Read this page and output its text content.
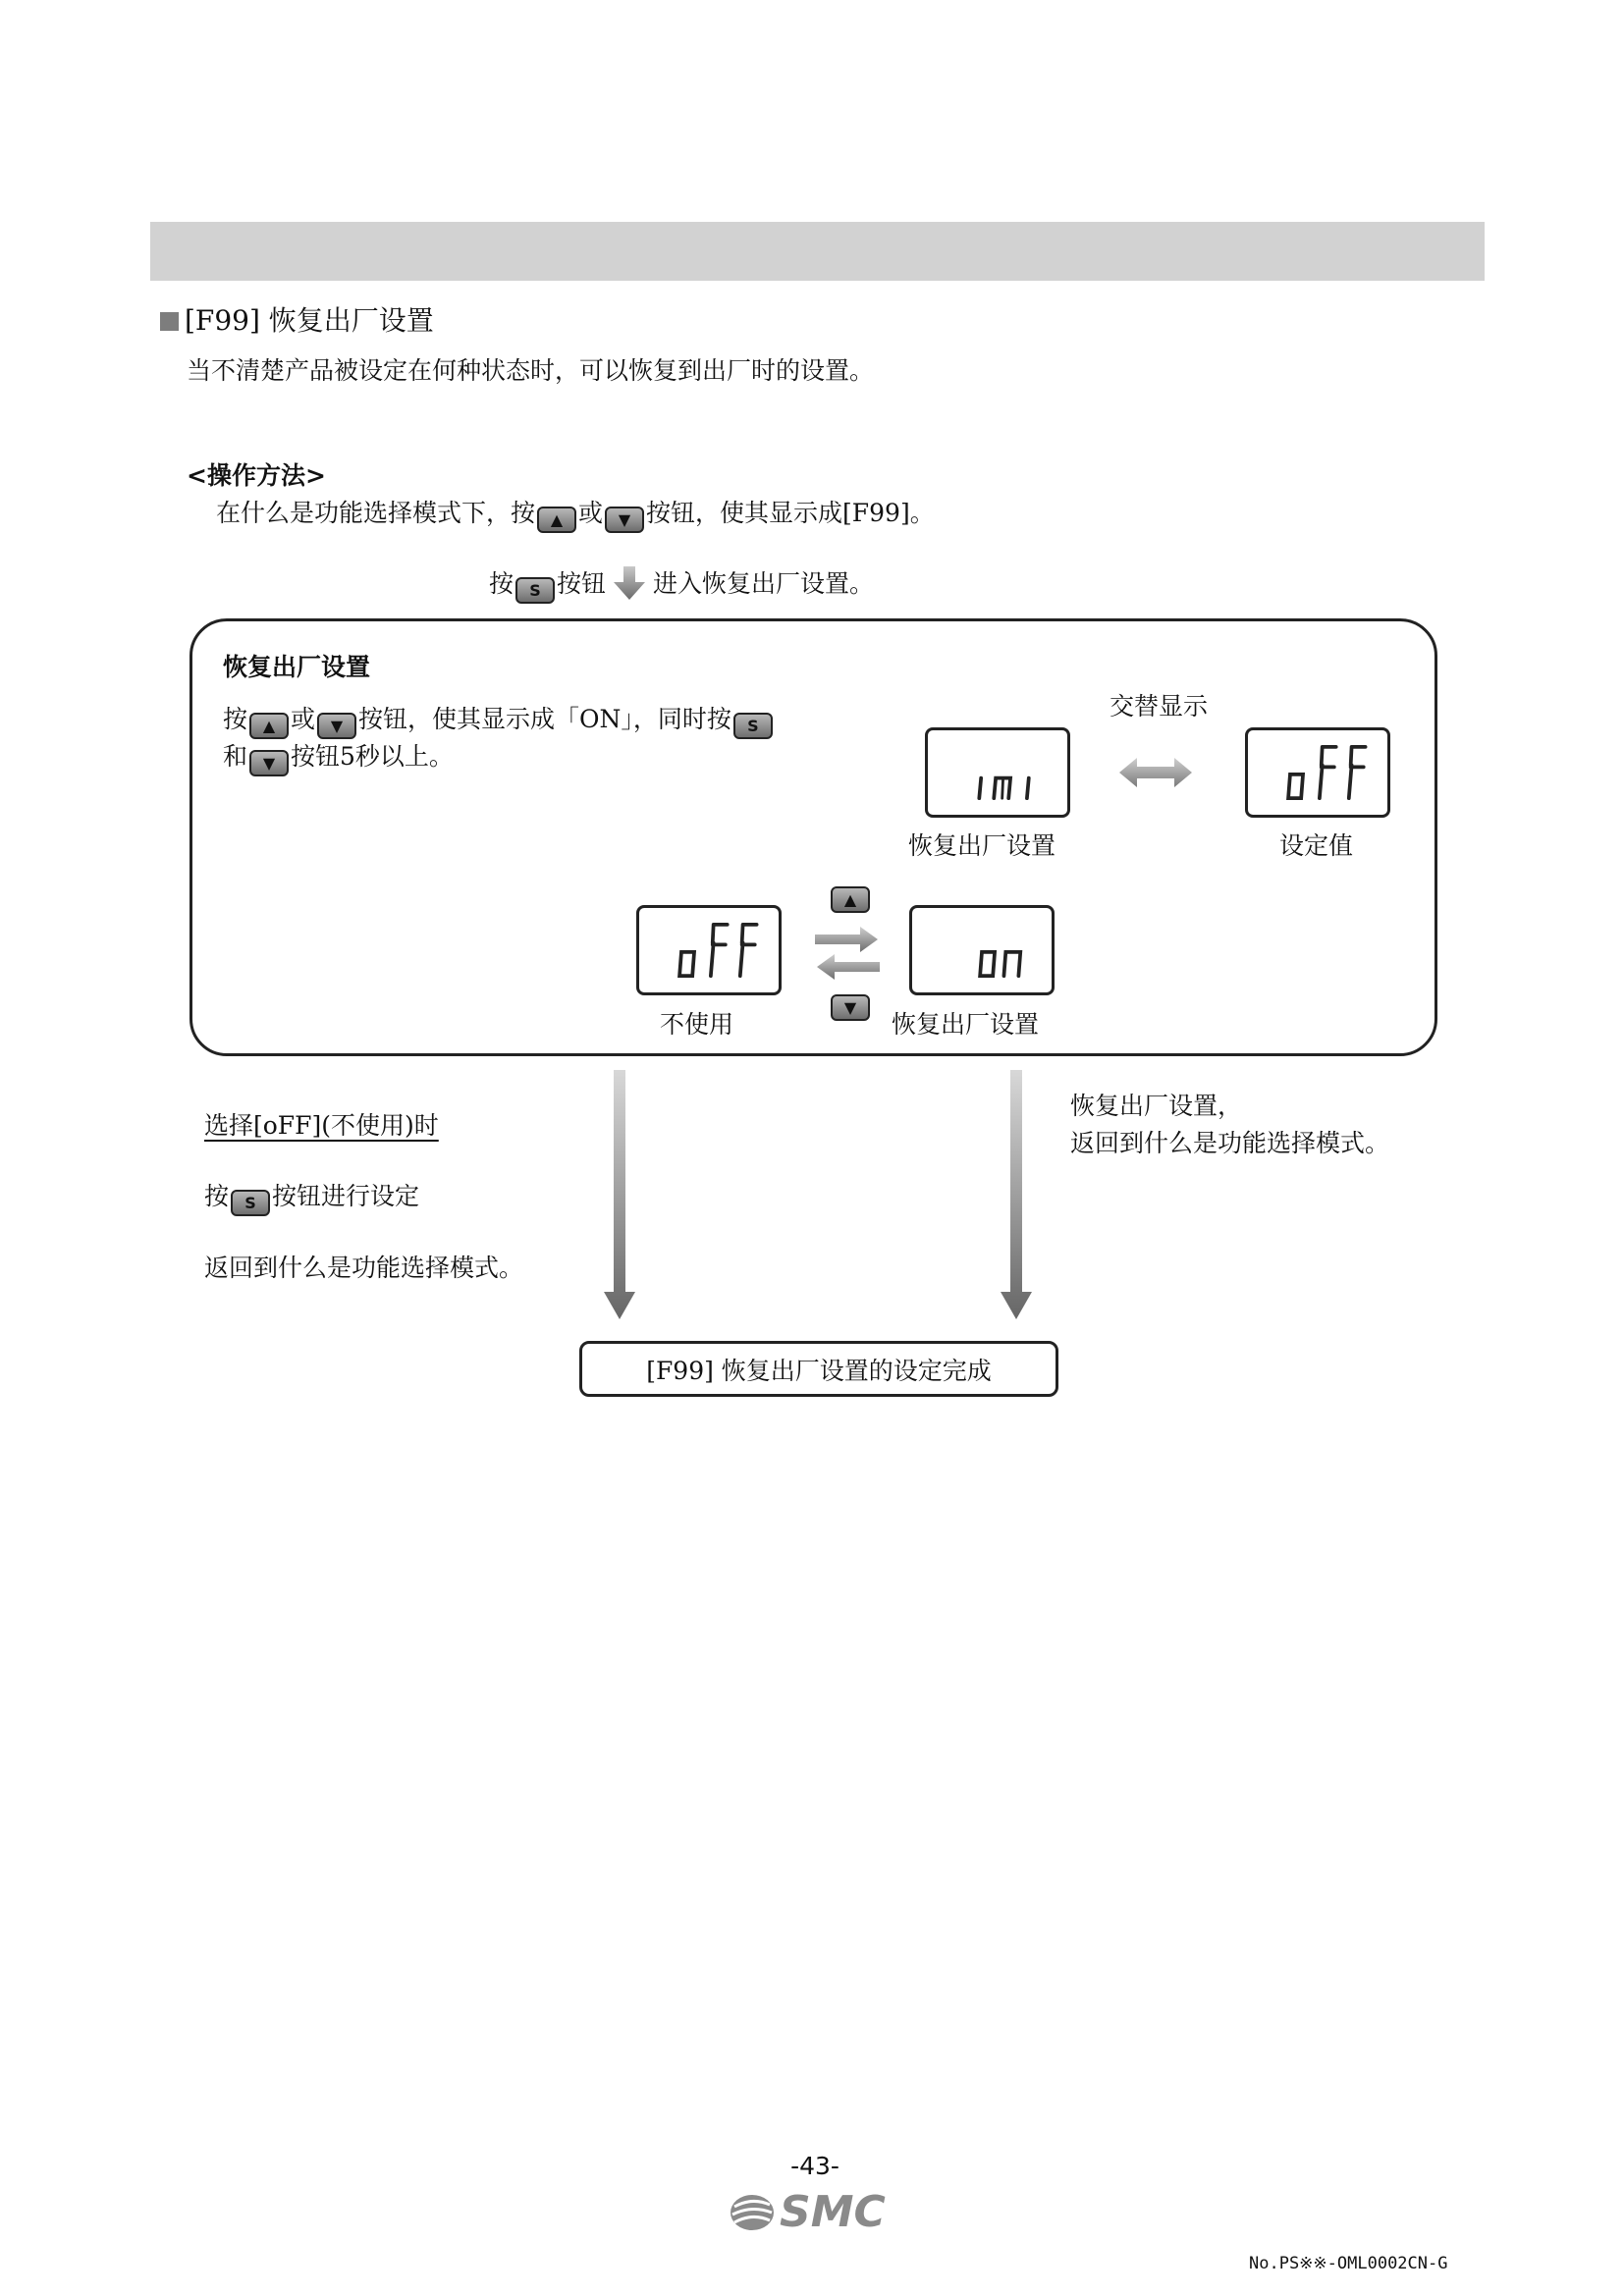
[F99] 恢复出厂设置
当不清楚产品被设定在何种状态时，可以恢复到出厂时的设置。
<操作方法>
在什么是功能选择模式下，按 ▲ 或 ▼ 按钮，使其显示成[F99]。
按 S 按钮 进入恢复出厂设置。
恢复出厂设置
按 ▲ 或 ▼ 按钮，使其显示成「ON」，同时按 S
和 ▼ 按钮5秒以上。
交替显示
恢复出厂设置	设定值
▲
不使用
▼
恢复出厂设置
选择[oFF](不使用)时
按 S 按钮进行设定
返回到什么是功能选择模式。
恢复出厂设置，
返回到什么是功能选择模式。
[F99] 恢复出厂设置的设定完成
-43-
SMC
No.PS※※-OML0002CN-G
